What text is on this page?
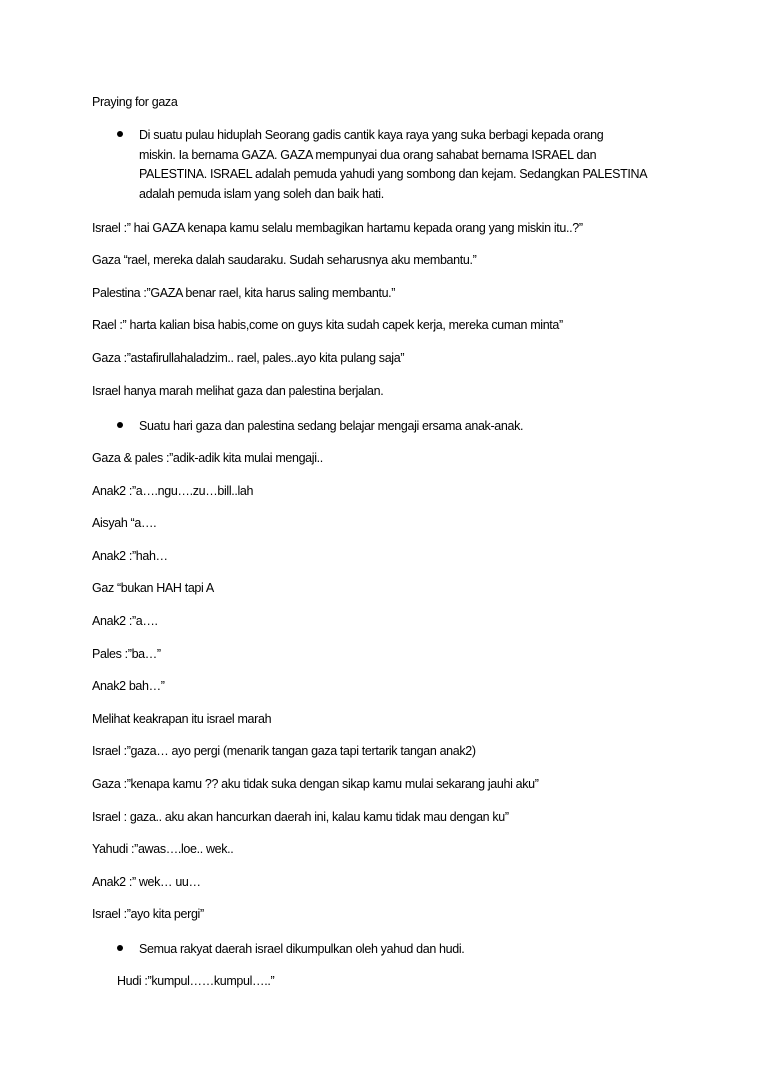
Praying for gaza
Di suatu pulau hiduplah Seorang gadis cantik kaya raya yang suka berbagi kepada orang
miskin. Ia bernama GAZA. GAZA mempunyai dua orang sahabat bernama ISRAEL dan
PALESTINA. ISRAEL adalah pemuda yahudi yang sombong dan kejam. Sedangkan PALESTINA
adalah pemuda islam yang soleh dan baik hati.
Israel :” hai GAZA kenapa kamu selalu membagikan hartamu kepada orang yang miskin itu..?”
Gaza “rael, mereka dalah saudaraku. Sudah seharusnya aku membantu.”
Palestina :”GAZA benar rael, kita harus saling membantu.”
Rael :” harta kalian bisa habis,come on guys kita sudah capek kerja, mereka cuman minta”
Gaza :”astafirullahaladzim.. rael, pales..ayo kita pulang saja”
Israel hanya marah melihat gaza dan palestina berjalan.
Suatu hari gaza dan palestina sedang belajar mengaji ersama anak-anak.
Gaza & pales :”adik-adik kita mulai mengaji..
Anak2 :”a….ngu….zu…bill..lah
Aisyah “a….
Anak2 :”hah…
Gaz “bukan HAH tapi A
Anak2 :”a….
Pales :”ba…”
Anak2 bah…”
Melihat keakrapan itu israel marah
Israel :”gaza… ayo pergi (menarik tangan gaza tapi tertarik tangan anak2)
Gaza :”kenapa kamu ?? aku tidak suka dengan sikap kamu mulai sekarang jauhi aku”
Israel : gaza.. aku akan hancurkan daerah ini, kalau kamu tidak mau dengan ku”
Yahudi :”awas….loe.. wek..
Anak2 :” wek… uu…
Israel :”ayo kita pergi”
Semua rakyat daerah israel dikumpulkan oleh yahud dan hudi.
Hudi :”kumpul……kumpul…..”
